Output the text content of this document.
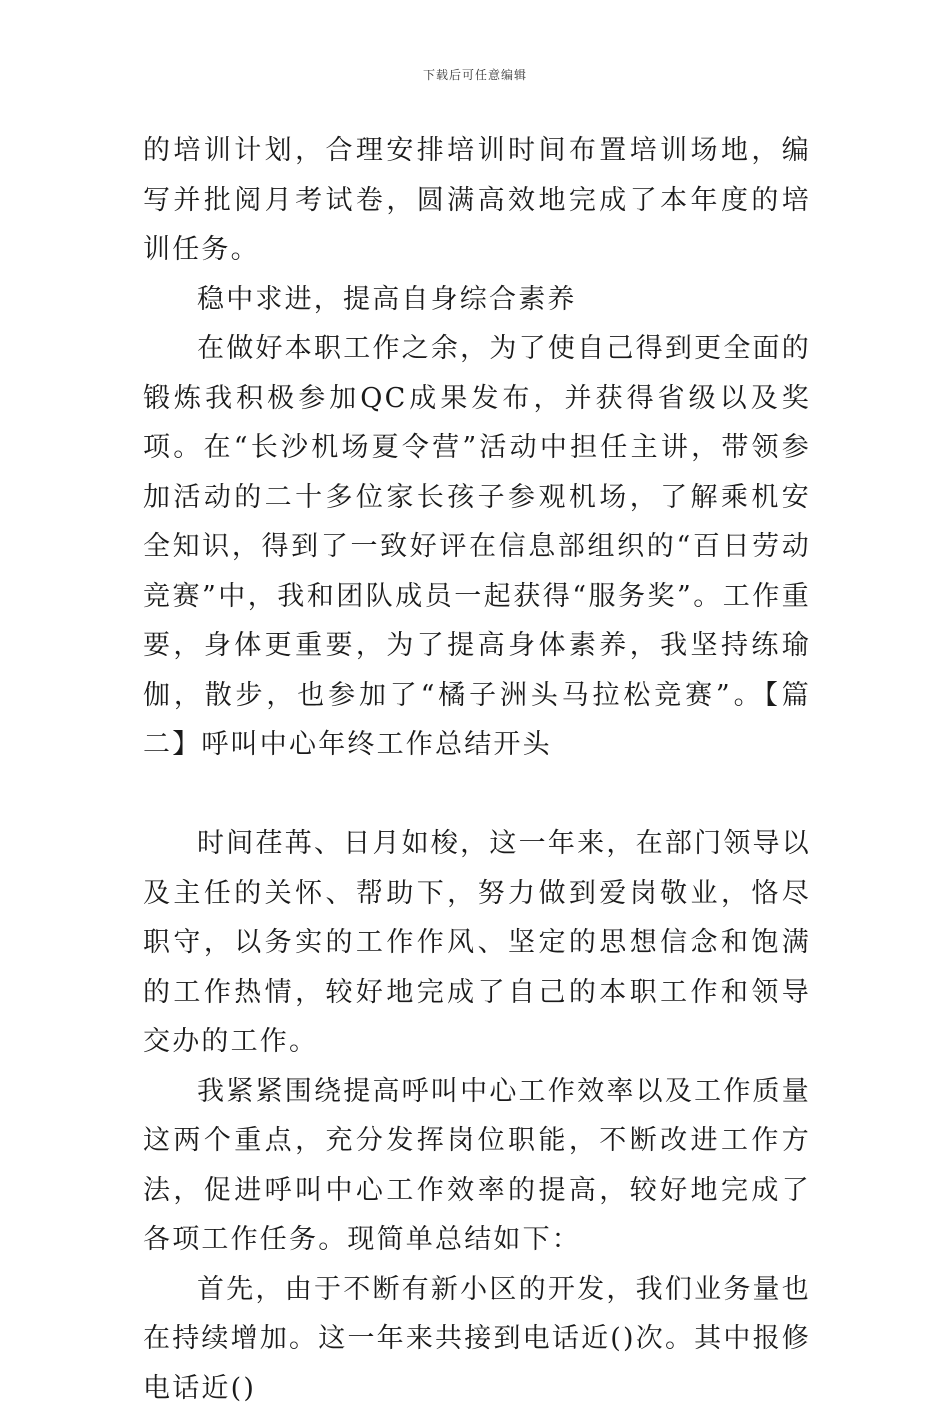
下载后可任意编辑

的培训计划，合理安排培训时间布置培训场地，编写并批阅月考试卷，圆满高效地完成了本年度的培训任务。

稳中求进，提高自身综合素养

在做好本职工作之余，为了使自己得到更全面的锻炼我积极参加QC成果发布，并获得省级以及奖项。在“长沙机场夏令营”活动中担任主讲，带领参加活动的二十多位家长孩子参观机场，了解乘机安全知识，得到了一致好评在信息部组织的“百日劳动竞赛”中，我和团队成员一起获得“服务奖”。工作重要，身体更重要，为了提高身体素养，我坚持练瑜伽，散步，也参加了“橘子洲头马拉松竞赛”。【篇二】呼叫中心年终工作总结开头

时间荏苒、日月如梭，这一年来，在部门领导以及主任的关怀、帮助下，努力做到爱岗敬业，恪尽职守，以务实的工作作风、坚定的思想信念和饱满的工作热情，较好地完成了自己的本职工作和领导交办的工作。

我紧紧围绕提高呼叫中心工作效率以及工作质量这两个重点，充分发挥岗位职能，不断改进工作方法，促进呼叫中心工作效率的提高，较好地完成了各项工作任务。现简单总结如下：

首先，由于不断有新小区的开发，我们业务量也在持续增加。这一年来共接到电话近()次。其中报修电话近()
